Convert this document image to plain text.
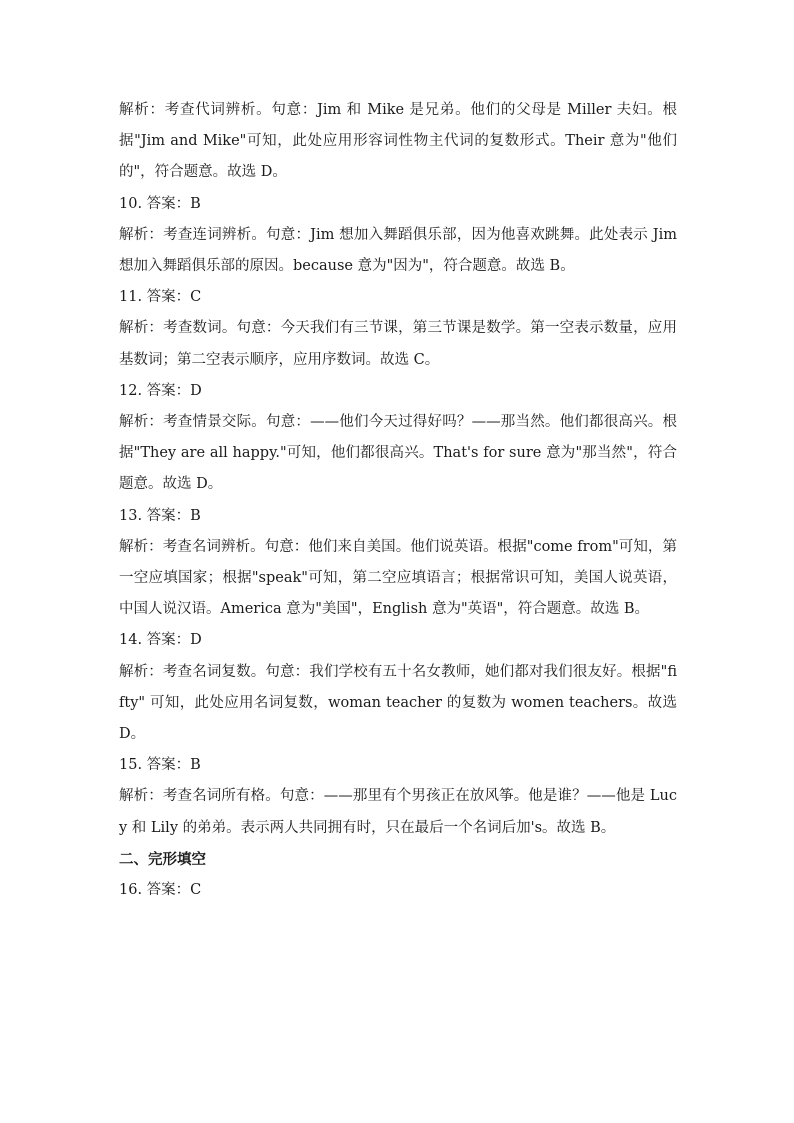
解析：考查代词辨析。句意：Jim 和 Mike 是兄弟。他们的父母是 Miller 夫妇。根据"Jim and Mike"可知，此处应用形容词性物主代词的复数形式。Their 意为"他们的"，符合题意。故选 D。

10. 答案：B

解析：考查连词辨析。句意：Jim 想加入舞蹈俱乐部，因为他喜欢跳舞。此处表示 Jim 想加入舞蹈俱乐部的原因。because 意为"因为"，符合题意。故选 B。

11. 答案：C

解析：考查数词。句意：今天我们有三节课，第三节课是数学。第一空表示数量，应用基数词；第二空表示顺序，应用序数词。故选 C。

12. 答案：D

解析：考查情景交际。句意：——他们今天过得好吗？——那当然。他们都很高兴。根据"They are all happy."可知，他们都很高兴。That's for sure 意为"那当然"，符合题意。故选 D。

13. 答案：B

解析：考查名词辨析。句意：他们来自美国。他们说英语。根据"come from"可知，第一空应填国家；根据"speak"可知，第二空应填语言；根据常识可知，美国人说英语，中国人说汉语。America 意为"美国"，English 意为"英语"，符合题意。故选 B。

14. 答案：D

解析：考查名词复数。句意：我们学校有五十名女教师，她们都对我们很友好。根据"fifty" 可知，此处应用名词复数，woman teacher 的复数为 women teachers。故选 D。

15. 答案：B

解析：考查名词所有格。句意：——那里有个男孩正在放风筝。他是谁？——他是 Lucy 和 Lily 的弟弟。表示两人共同拥有时，只在最后一个名词后加's。故选 B。

二、完形填空

16. 答案：C
